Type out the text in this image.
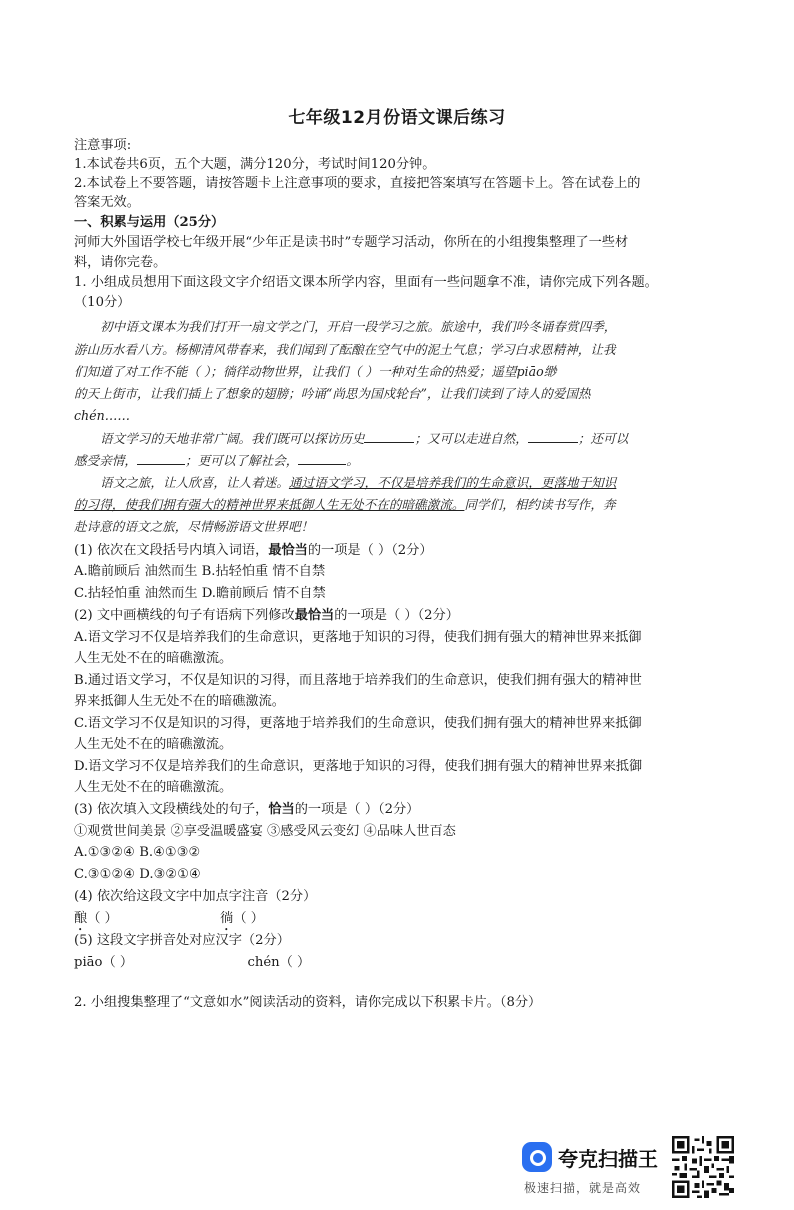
七年级12月份语文课后练习
注意事项:
1.本试卷共6页，五个大题，满分120分，考试时间120分钟。
2.本试卷上不要答题，请按答题卡上注意事项的要求，直接把答案填写在答题卡上。答在试卷上的
答案无效。
一、积累与运用（25分）
河师大外国语学校七年级开展“少年正是读书时”专题学习活动，你所在的小组搜集整理了一些材
料，请你完卷。
1. 小组成员想用下面这段文字介绍语文课本所学内容，里面有一些问题拿不准，请你完成下列各题。
（10分）
初中语文课本为我们打开一扇文学之门，开启一段学习之旅。旅途中，我们吟冬诵春赏四季，
游山历水看八方。杨柳清风带春来，我们闻到了酝酿在空气中的泥土气息；学习白求恩精神，让我
们知道了对工作不能（ ）；徜徉动物世界，让我们（ ）一种对生命的热爱；遥望piāo缈
的天上街市，让我们插上了想象的翅膀；吟诵“尚思为国戍轮台”，让我们读到了诗人的爱国热
chén……
语文学习的天地非常广阔。我们既可以探访历史	；又可以走进自然，	；还可以
感受亲情，	；更可以了解社会，	。
语文之旅，让人欣喜，让人着迷。通过语文学习，不仅是培养我们的生命意识，更落地于知识
的习得，使我们拥有强大的精神世界来抵御人生无处不在的暗礁激流。同学们，相约读书写作，奔
赴诗意的语文之旅，尽情畅游语文世界吧！
(1) 依次在文段括号内填入词语，最恰当的一项是（ ）（2分）
A.瞻前顾后 油然而生 B.拈轻怕重 情不自禁
C.拈轻怕重 油然而生 D.瞻前顾后 情不自禁
(2) 文中画横线的句子有语病下列修改最恰当的一项是（ ）（2分）
A.语文学习不仅是培养我们的生命意识，更落地于知识的习得，使我们拥有强大的精神世界来抵御
人生无处不在的暗礁激流。
B.通过语文学习，不仅是知识的习得，而且落地于培养我们的生命意识，使我们拥有强大的精神世
界来抵御人生无处不在的暗礁激流。
C.语文学习不仅是知识的习得，更落地于培养我们的生命意识，使我们拥有强大的精神世界来抵御
人生无处不在的暗礁激流。
D.语文学习不仅是培养我们的生命意识，更落地于知识的习得，使我们拥有强大的精神世界来抵御
人生无处不在的暗礁激流。
(3) 依次填入文段横线处的句子，恰当的一项是（ ）（2分）
①观赏世间美景 ②享受温暖盛宴 ③感受风云变幻 ④品味人世百态
A.①③②④ B.④①③②
C.③①②④ D.③②①④
(4) 依次给这段文字中加点字注音（2分）
酿（ ）	徜（ ）
(5) 这段文字拼音处对应汉字（2分）
piāo（ ）	chén（ ）
2. 小组搜集整理了“文意如水”阅读活动的资料，请你完成以下积累卡片。（8分）
夸克扫描王
极速扫描，就是高效
